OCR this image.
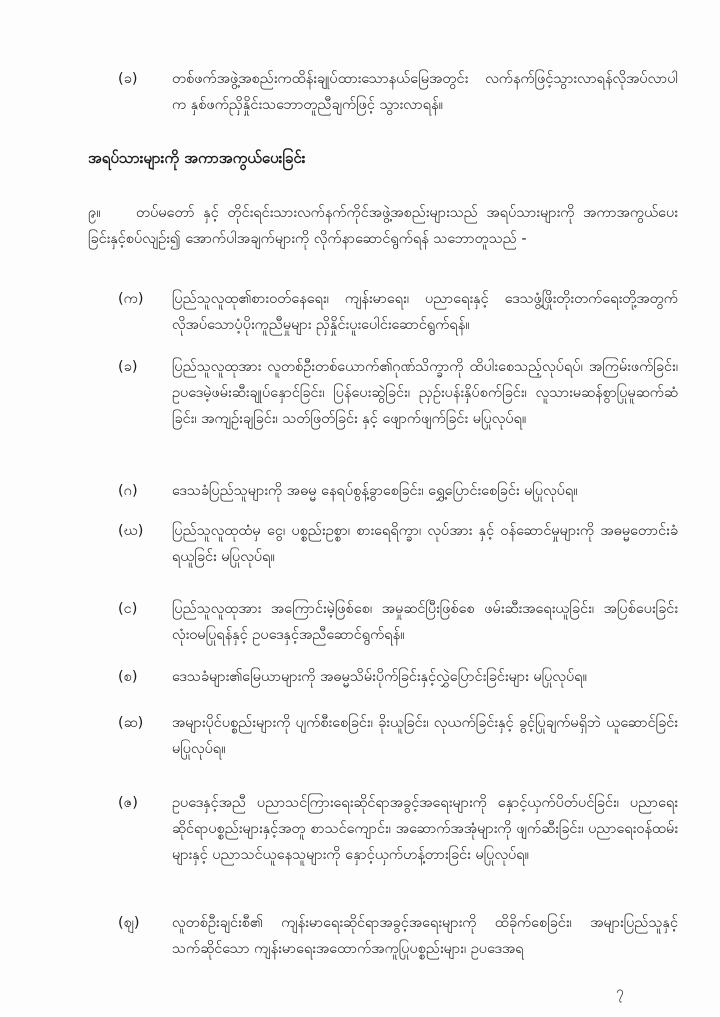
(ခ)	တစ်ဖက်အဖွဲ့အစည်းကထိန်းချုပ်ထားသောနယ်မြေအတွင်း လက်နက်ဖြင့်သွားလာရန်လိုအပ်လာပါက နှစ်ဖက်ညှိနှိုင်းသဘောတူညီချက်ဖြင့် သွားလာရန်။
အရပ်သားများကို အကာအကွယ်ပေးခြင်း
၉။ တပ်မတော် နှင့် တိုင်းရင်းသားလက်နက်ကိုင်အဖွဲ့အစည်းများသည် အရပ်သားများကို အကာအကွယ်ပေးခြင်းနှင့်စပ်လျဉ်း၍ အောက်ပါအချက်များကို လိုက်နာဆောင်ရွက်ရန် သဘောတူသည် -
(က)	ပြည်သူလူထု၏စားဝတ်နေရေး၊ ကျန်းမာရေး၊ ပညာရေးနှင့် ဒေသဖွံ့ဖြိုးတိုးတက်ရေးတို့အတွက် လိုအပ်သောပံ့ပိုးကူညီမှုများ ညှိနှိုင်းပူးပေါင်းဆောင်ရွက်ရန်။
(ခ)	ပြည်သူလူထုအား လူတစ်ဦးတစ်ယောက်၏ဂုဏ်သိက္ခာကို ထိပါးစေသည့်လုပ်ရပ်၊ အကြမ်းဖက်ခြင်း၊ ဥပဒေမဲ့ဖမ်းဆီးချုပ်နှောင်ခြင်း၊ ပြန်ပေးဆွဲခြင်း၊ ညှဉ်းပန်းနှိပ်စက်ခြင်း၊ လူသားမဆန်စွာပြုမူဆက်ဆံခြင်း၊ အကျဉ်းချခြင်း၊ သတ်ဖြတ်ခြင်း နှင့် ဖျောက်ဖျက်ခြင်း မပြုလုပ်ရ။
(ဂ)	ဒေသခံပြည်သူများကို အဓမ္မ နေရပ်စွန့်ခွာစေခြင်း၊ ရွှေ့ပြောင်းစေခြင်း မပြုလုပ်ရ။
(ဃ)	ပြည်သူလူထုထံမှ ငွေ၊ ပစ္စည်းဥစ္စာ၊ စားရေရိက္ခာ၊ လုပ်အား နှင့် ဝန်ဆောင်မှုများကို အဓမ္မတောင်းခံရယူခြင်း မပြုလုပ်ရ။
(င)	ပြည်သူလူထုအား အကြောင်းမဲ့ဖြစ်စေ၊ အမှုဆင်ပြီးဖြစ်စေ ဖမ်းဆီးအရေးယူခြင်း၊ အပြစ်ပေးခြင်း လုံးဝမပြုရန်နှင့် ဥပဒေနှင့်အညီဆောင်ရွက်ရန်။
(စ)	ဒေသခံများ၏မြေယာများကို အဓမ္မသိမ်းပိုက်ခြင်းနှင့်လွှဲပြောင်းခြင်းများ မပြုလုပ်ရ။
(ဆ)	အများပိုင်ပစ္စည်းများကို ပျက်စီးစေခြင်း၊ ခိုးယူခြင်း၊ လုယက်ခြင်းနှင့် ခွင့်ပြုချက်မရှိဘဲ ယူဆောင်ခြင်း မပြုလုပ်ရ။
(ဇ)	ဥပဒေနှင့်အညီ ပညာသင်ကြားရေးဆိုင်ရာအခွင့်အရေးများကို နှောင့်ယှက်ပိတ်ပင်ခြင်း၊ ပညာရေးဆိုင်ရာပစ္စည်းများနှင့်အတူ စာသင်ကျောင်း၊ အဆောက်အအုံများကို ဖျက်ဆီးခြင်း၊ ပညာရေးဝန်ထမ်းများနှင့် ပညာသင်ယူနေသူများကို နှောင့်ယှက်ဟန့်တားခြင်း မပြုလုပ်ရ။
(ဈ)	လူတစ်ဦးချင်းစီ၏ ကျန်းမာရေးဆိုင်ရာအခွင့်အရေးများကို ထိခိုက်စေခြင်း၊ အများပြည်သူနှင့်သက်ဆိုင်သော ကျန်းမာရေးအထောက်အကူပြုပစ္စည်းများ၊ ဥပဒေအရ
၇
